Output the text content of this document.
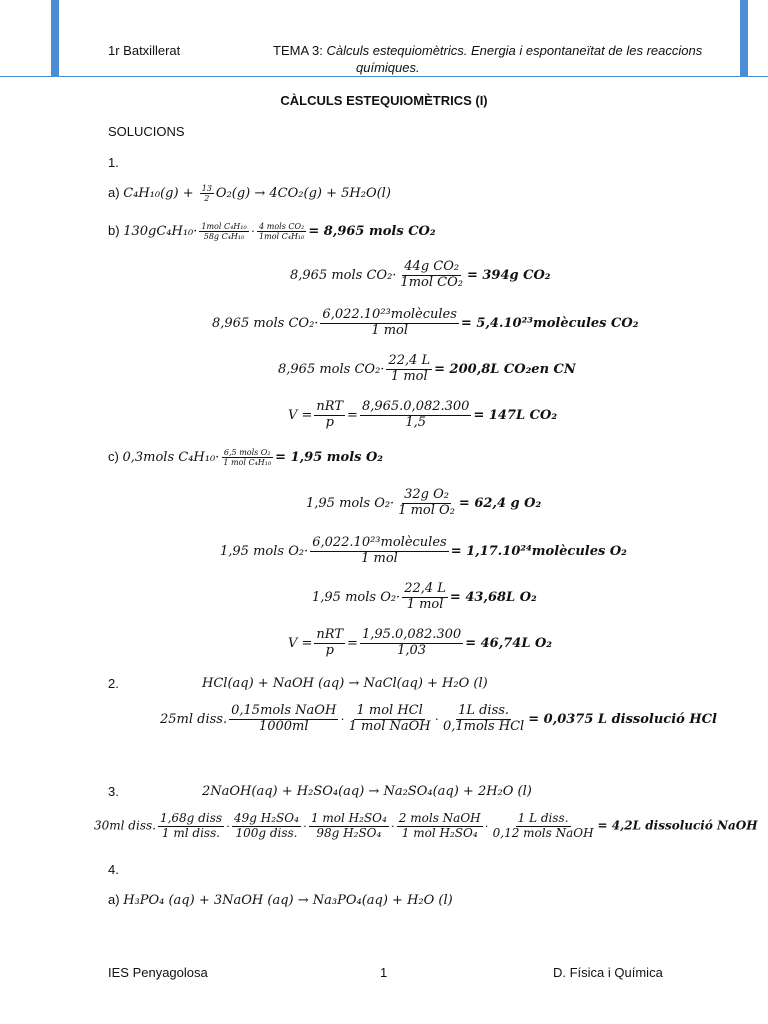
1r Batxillerat	TEMA 3: Càlculs estequiomètrics. Energia i espontaneïtat de les reaccions
químiques.
CÀLCULS ESTEQUIOMÈTRICS (I)
SOLUCIONS
1.
a) $C_4H_{10}(g) + \frac{13}{2} O_2(g) \to 4CO_2(g) + 5H_2O(l)$
b) $130gC_4H_{10}\cdot \frac{\text{1mol C₄H₁₀}}{\text{58g C₄H₁₀}} \cdot \frac{\text{4 mols CO₂}}{\text{1mol C₄H₁₀}} = 8,965$ mols CO₂
8,965 mols $CO_2\cdot \frac{\text{44g CO₂}}{\text{1mol CO₂}} = 394g$ CO₂
8,965 mols $CO_2\cdot \frac{\text{6,022.10²³molècules}}{\text{1 mol}}$ = 5,4.10²³molècules CO₂
8,965 mols $CO_2\cdot \frac{22,4 L}{\text{1 mol}} = 200,8L$ CO₂en CN
$V = \frac{\text{nRT}}{p} = \frac{8,965.0,082.300}{1,5} = 147L$ CO₂
c) 0,3mols $C_4H_{10}\cdot \frac{\text{6,5 mols O₂}}{\text{1 mol C₄H₁₀}} = 1,95$ mols O₂
1,95 mols $O_2\cdot \frac{\text{32g O₂}}{\text{1 mol O₂}} = 62,4$ g O₂
1,95 mols $O_2\cdot \frac{\text{6,022.10²³molècules}}{\text{1 mol}}$ = 1,17.10²⁴molècules O₂
1,95 mols $O_2\cdot \frac{22,4 L}{\text{1 mol}} = 43,68L$ O₂
$V = \frac{\text{nRT}}{p} = \frac{1,95.0,082.300}{1,03} = 46,74L$ O₂
2.	HCl(aq) + NaOH (aq) → NaCl(aq) + H₂O (l)
25ml diss. $\frac{\text{0,15mols NaOH}}{1000ml} \cdot \frac{\text{1 mol HCl}}{\text{1 mol NaOH}} \cdot \frac{\text{1L diss.}}{\text{0,1mols HCl}} = 0,0375$ L dissolució HCl
3.	2NaOH(aq) + H₂SO₄(aq) → Na₂SO₄(aq) + 2H₂O (l)
30ml diss. $\frac{\text{1,68g diss}}{\text{1 ml diss.}} \cdot \frac{\text{49g H₂SO₄}}{\text{100g diss.}} \cdot \frac{\text{1 mol H₂SO₄}}{\text{98g H₂SO₄}} \cdot \frac{\text{2 mols NaOH}}{\text{1 mol H₂SO₄}} \cdot \frac{\text{1 L diss.}}{\text{0,12 mols NaOH}} = 4,2L$ dissolució NaOH
4.
a) H₃PO₄ (aq) + 3NaOH (aq) → Na₃PO₄(aq) + H₂O (l)
IES Penyagolosa	1	D. Física i Química
